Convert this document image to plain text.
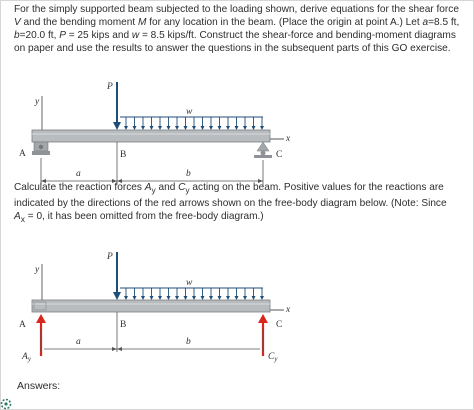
For the simply supported beam subjected to the loading shown, derive equations for the shear force V and the bending moment M for any location in the beam. (Place the origin at point A.) Let a=8.5 ft, b=20.0 ft, P = 25 kips and w = 8.5 kips/ft. Construct the shear-force and bending-moment diagrams on paper and use the results to answer the questions in the subsequent parts of this GO exercise.

y
x
w
P
A	C
B
a	b

Calculate the reaction forces $A_y$ and $C_y$ acting on the beam. Positive values for the reactions are indicated by the directions of the red arrows shown on the free-body diagram below. (Note: Since $A_x = 0$, it has been omitted from the free-body diagram.)

y
x
w
P
A	C
$A_y$	$C_y$
B
a	b
Answers:
